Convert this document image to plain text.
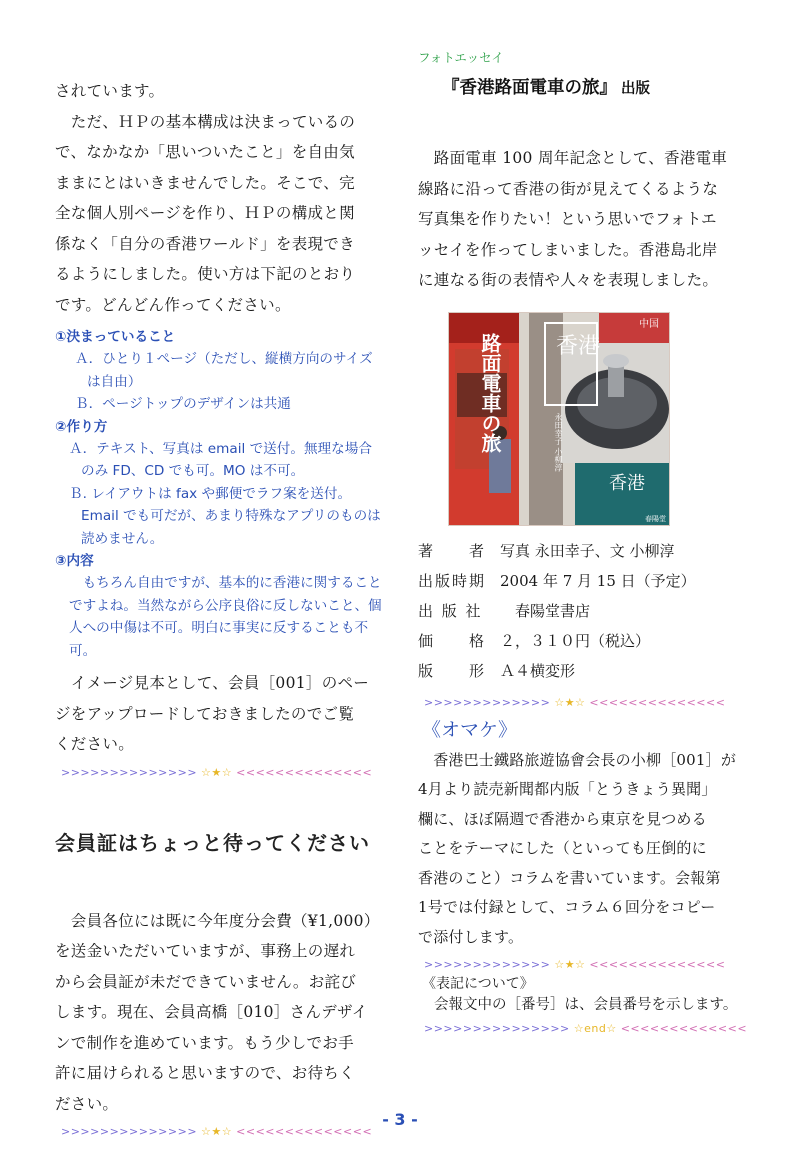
されています。

　ただ、ＨＰの基本構成は決まっているの

で、なかなか「思いついたこと」を自由気

ままにとはいきませんでした。そこで、完

全な個人別ページを作り、ＨＰの構成と関

係なく「自分の香港ワールド」を表現でき

るようにしました。使い方は下記のとおり

です。どんどん作ってください。

①決まっていること
Ａ．ひとり１ページ（ただし、縦横方向のサイズは自由）
Ｂ．ページトップのデザインは共通
②作り方
Ａ．テキスト、写真は email で送付。無理な場合のみ FD、CD でも可。MO は不可。
Ｂ. レイアウトは fax や郵便でラフ案を送付。Email でも可だが、あまり特殊なアプリのものは読めません。
③内容
　もちろん自由ですが、基本的に香港に関することですよね。当然ながら公序良俗に反しないこと、個人への中傷は不可。明白に事実に反することも不可。

　イメージ見本として、会員［001］のペー

ジをアップロードしておきましたのでご覧

ください。

>>>>>>>>>>>>>> ☆★☆ <<<<<<<<<<<<<<
会員証はちょっと待ってください

　会員各位には既に今年度分会費（¥1,000）

を送金いただいていますが、事務上の遅れ

から会員証が未だできていません。お詫び

します。現在、会員高橋［010］さんデザイ

ンで制作を進めています。もう少しでお手

許に届けられると思いますので、お待ちく

ださい。

>>>>>>>>>>>>>> ☆★☆ <<<<<<<<<<<<<<

フォトエッセイ

『香港路面電車の旅』 出版

　路面電車 100 周年記念として、香港電車

線路に沿って香港の街が見えてくるような

写真集を作りたい！という思いでフォトエ

ッセイを作ってしまいました。香港島北岸

に連なる街の表情や人々を表現しました。

香港
香港
中国
春陽堂
路面電車の旅	永田幸子 小柳淳
著　　者	写真 永田幸子、文 小柳淳
出版時期	2004 年 7 月 15 日（予定）
出 版 社	　春陽堂書店
価　　格	２，３１０円（税込）
版　　形	Ａ４横変形
>>>>>>>>>>>>> ☆★☆ <<<<<<<<<<<<<<
《オマケ》

　香港巴士鐵路旅遊協會会長の小柳［001］が

4月より読売新聞都内版「とうきょう異聞」

欄に、ほぼ隔週で香港から東京を見つめる

ことをテーマにした（といっても圧倒的に

香港のこと）コラムを書いています。会報第

1号では付録として、コラム６回分をコピー

で添付します。

>>>>>>>>>>>>> ☆★☆ <<<<<<<<<<<<<<

《表記について》

会報文中の［番号］は、会員番号を示します。

>>>>>>>>>>>>>>> ☆end☆ <<<<<<<<<<<<<
- 3 -
